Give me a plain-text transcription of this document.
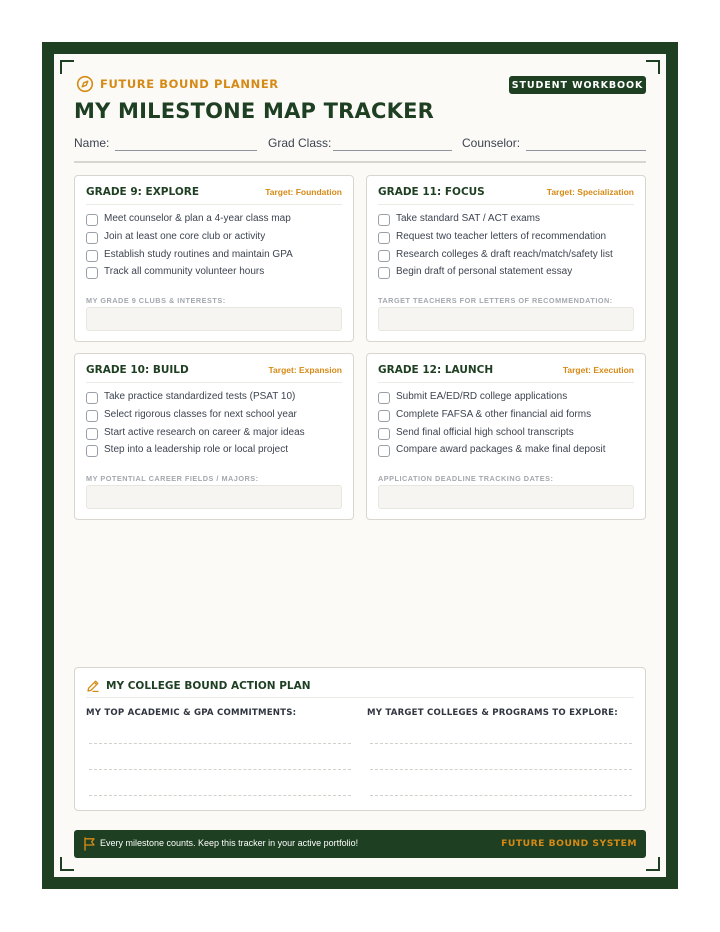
FUTURE BOUND PLANNER	STUDENT WORKBOOK
MY MILESTONE MAP TRACKER
Name:	Grad Class:	Counselor:
GRADE 9: EXPLORE	Target: Foundation
Meet counselor & plan a 4-year class map
Join at least one core club or activity
Establish study routines and maintain GPA
Track all community volunteer hours
MY GRADE 9 CLUBS & INTERESTS:
GRADE 11: FOCUS	Target: Specialization
Take standard SAT / ACT exams
Request two teacher letters of recommendation
Research colleges & draft reach/match/safety list
Begin draft of personal statement essay
TARGET TEACHERS FOR LETTERS OF RECOMMENDATION:
GRADE 10: BUILD	Target: Expansion
Take practice standardized tests (PSAT 10)
Select rigorous classes for next school year
Start active research on career & major ideas
Step into a leadership role or local project
MY POTENTIAL CAREER FIELDS / MAJORS:
GRADE 12: LAUNCH	Target: Execution
Submit EA/ED/RD college applications
Complete FAFSA & other financial aid forms
Send final official high school transcripts
Compare award packages & make final deposit
APPLICATION DEADLINE TRACKING DATES:
MY COLLEGE BOUND ACTION PLAN
MY TOP ACADEMIC & GPA COMMITMENTS:	MY TARGET COLLEGES & PROGRAMS TO EXPLORE:
Every milestone counts. Keep this tracker in your active portfolio!	FUTURE BOUND SYSTEM
